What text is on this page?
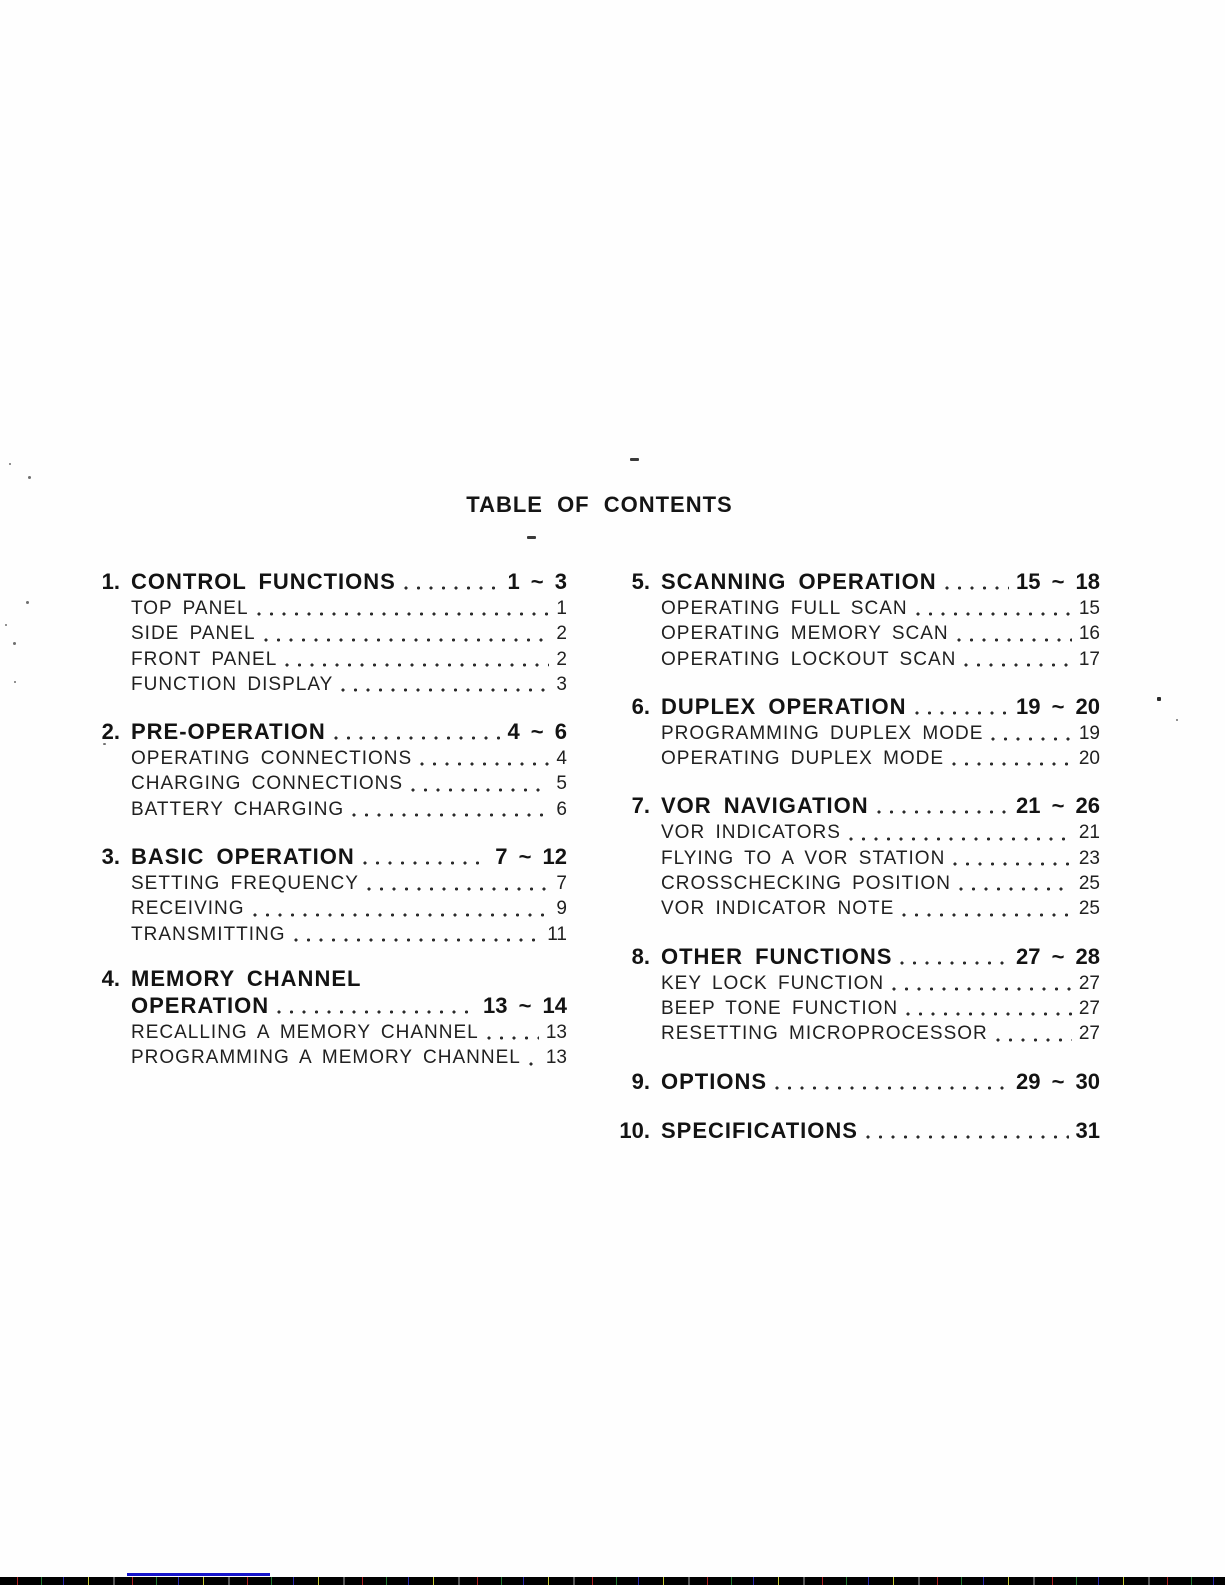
TABLE OF CONTENTS
1. CONTROL FUNCTIONS	1 ~ 3
TOP PANEL	1
SIDE PANEL	2
FRONT PANEL	2
FUNCTION DISPLAY	3
2. PRE-OPERATION	4 ~ 6
OPERATING CONNECTIONS	4
CHARGING CONNECTIONS	5
BATTERY CHARGING	6
3. BASIC OPERATION	7 ~ 12
SETTING FREQUENCY	7
RECEIVING	9
TRANSMITTING	11
4. MEMORY CHANNEL
OPERATION	13 ~ 14
RECALLING A MEMORY CHANNEL	13
PROGRAMMING A MEMORY CHANNEL 13
5. SCANNING OPERATION	15 ~ 18
OPERATING FULL SCAN	15
OPERATING MEMORY SCAN	16
OPERATING LOCKOUT SCAN	17
6. DUPLEX OPERATION	19 ~ 20
PROGRAMMING DUPLEX MODE	19
OPERATING DUPLEX MODE	20
7. VOR NAVIGATION	21 ~ 26
VOR INDICATORS	21
FLYING TO A VOR STATION	23
CROSSCHECKING POSITION	25
VOR INDICATOR NOTE	25
8. OTHER FUNCTIONS	27 ~ 28
KEY LOCK FUNCTION	27
BEEP TONE FUNCTION	27
RESETTING MICROPROCESSOR	27
9. OPTIONS	29 ~ 30
10. SPECIFICATIONS	31
